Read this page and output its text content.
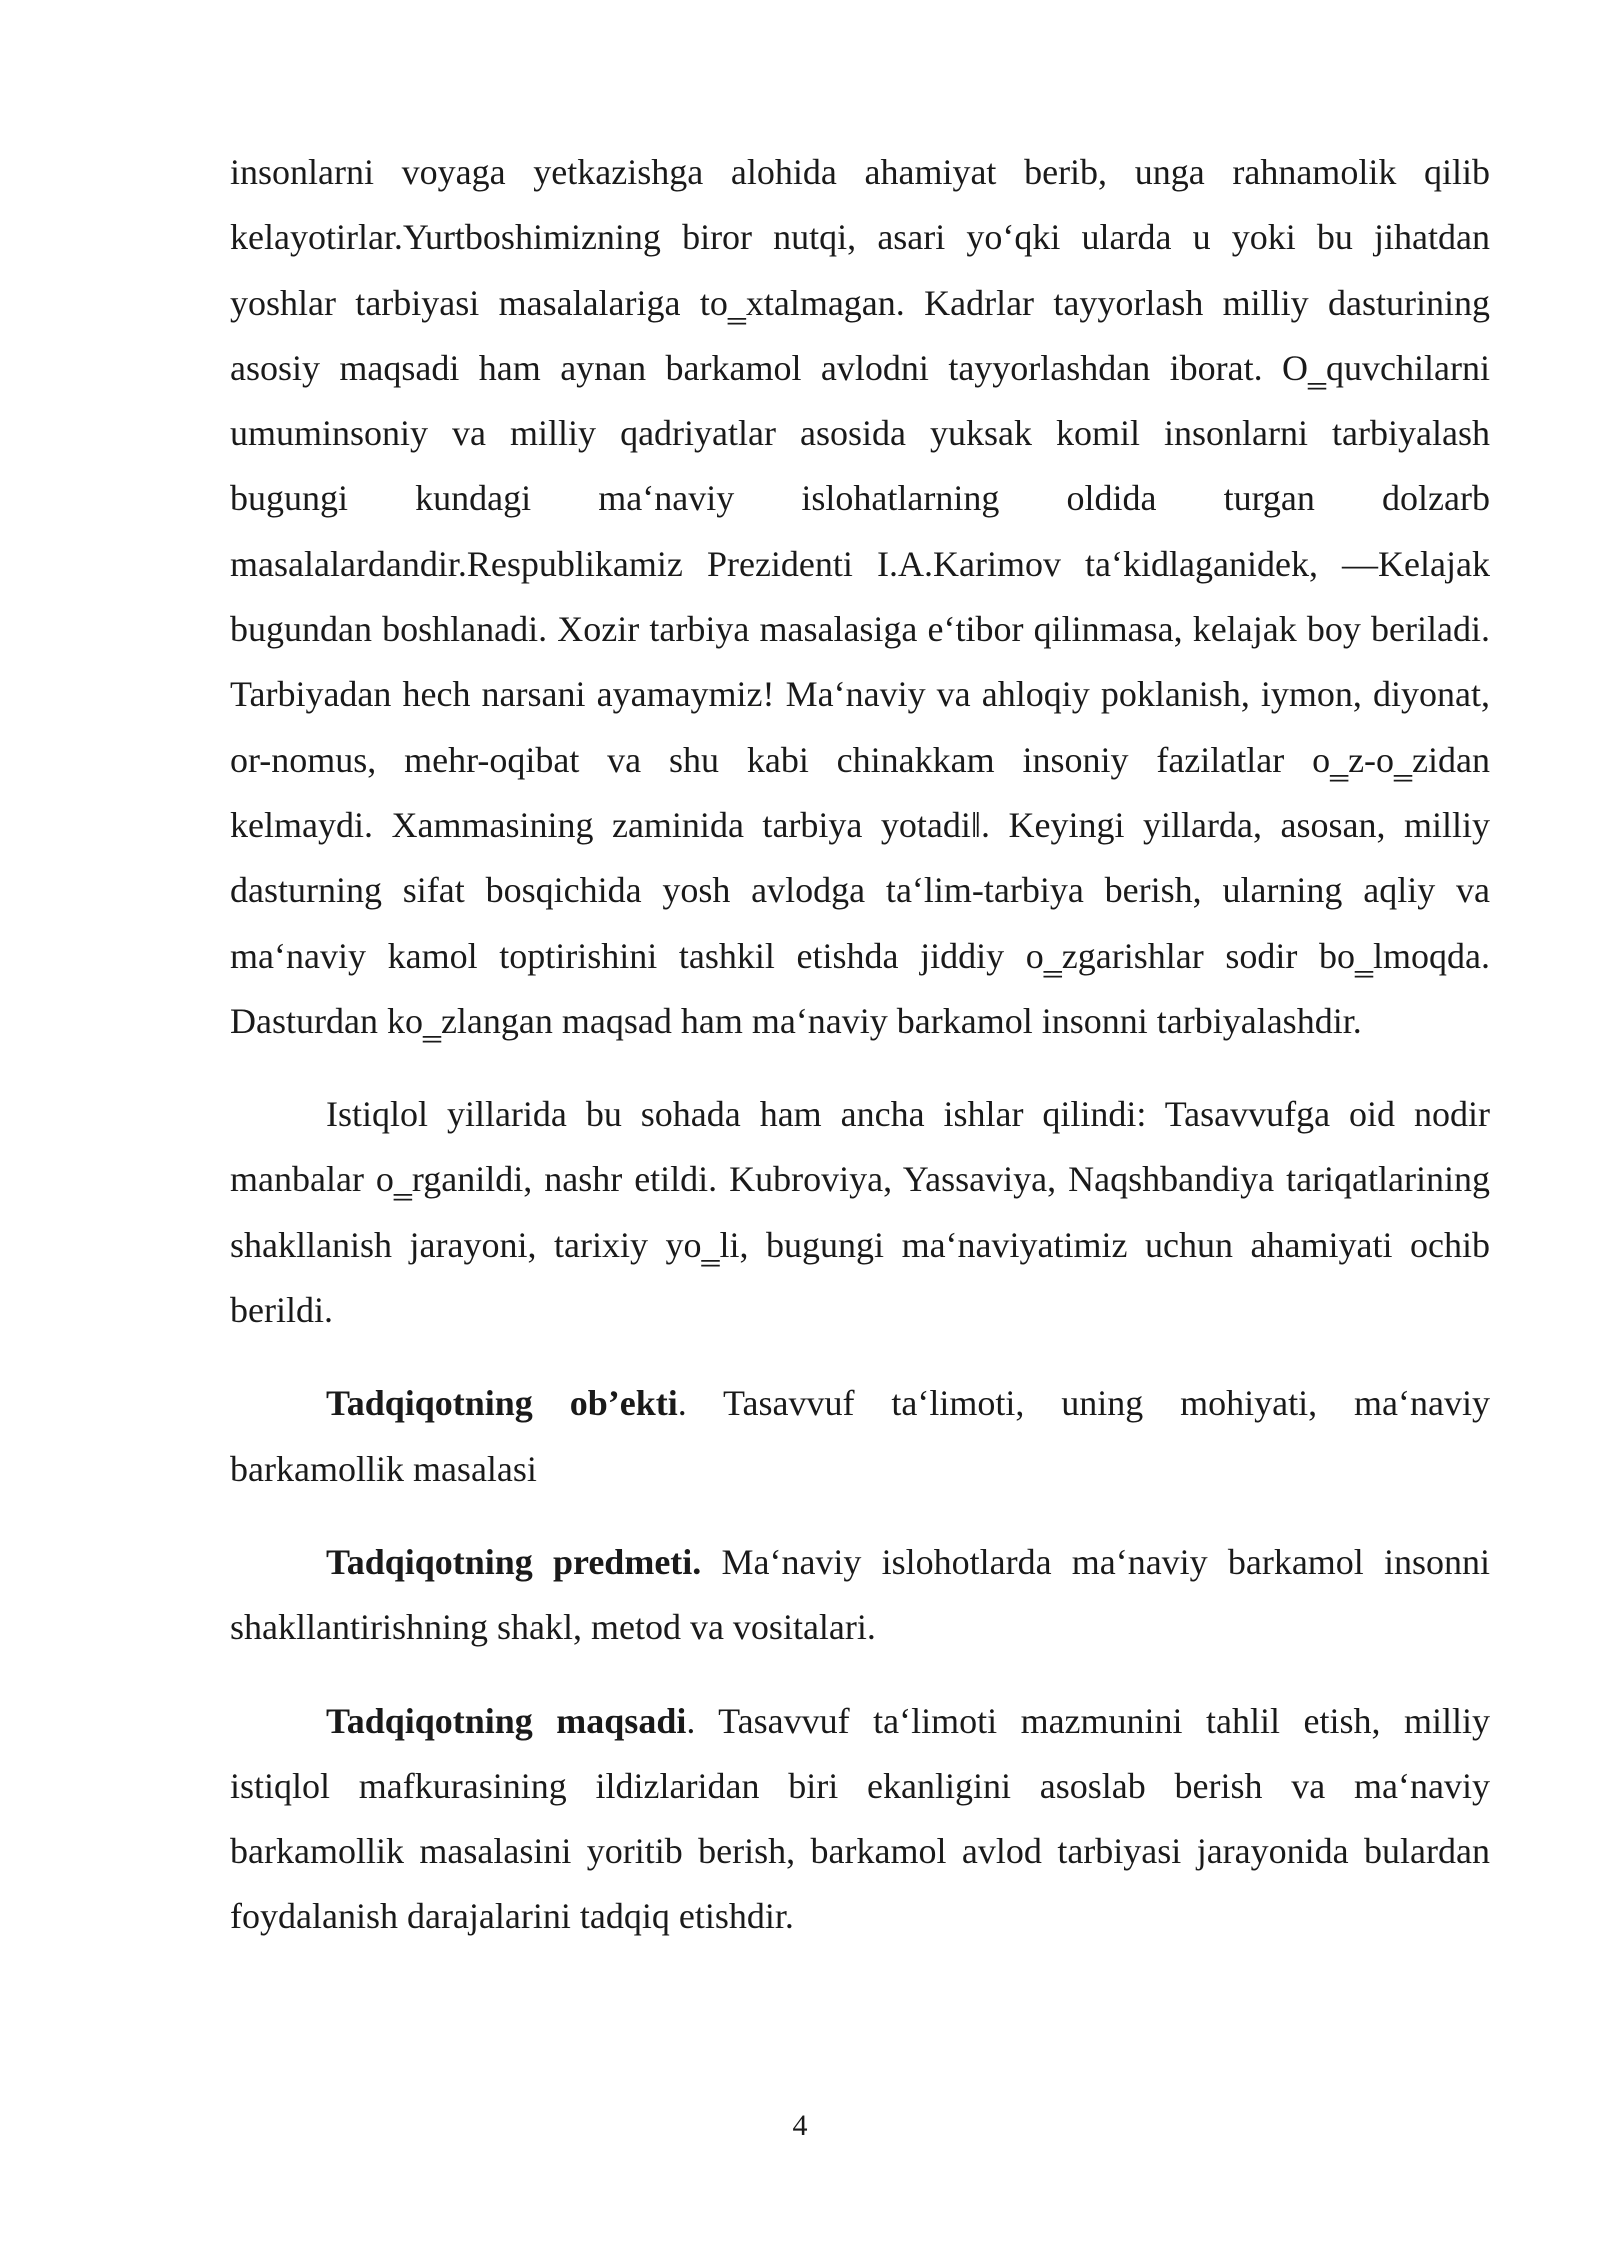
insonlarni voyaga yetkazishga alohida ahamiyat berib, unga rahnamolik qilib kelayotirlar.Yurtboshimizning biror nutqi, asari yo‘qki ularda u yoki bu jihatdan yoshlar tarbiyasi masalalariga to‗xtalmagan. Kadrlar tayyorlash milliy dasturining asosiy maqsadi ham aynan barkamol avlodni tayyorlashdan iborat. O‗quvchilarni umuminsoniy va milliy qadriyatlar asosida yuksak komil insonlarni tarbiyalash bugungi kundagi ma‘naviy islohatlarning oldida turgan dolzarb masalalardandir.Respublikamiz Prezidenti I.A.Karimov ta‘kidlaganidek, ―Kelajak bugundan boshlanadi. Xozir tarbiya masalasiga e‘tibor qilinmasa, kelajak boy beriladi. Tarbiyadan hech narsani ayamaymiz! Ma‘naviy va ahloqiy poklanish, iymon, diyonat, or-nomus, mehr-oqibat va shu kabi chinakkam insoniy fazilatlar o‗z-o‗zidan kelmaydi. Xammasining zaminida tarbiya yotadi‖. Keyingi yillarda, asosan, milliy dasturning sifat bosqichida yosh avlodga ta‘lim-tarbiya berish, ularning aqliy va ma‘naviy kamol toptirishini tashkil etishda jiddiy o‗zgarishlar sodir bo‗lmoqda. Dasturdan ko‗zlangan maqsad ham ma‘naviy barkamol insonni tarbiyalashdir.

Istiqlol yillarida bu sohada ham ancha ishlar qilindi: Tasavvufga oid nodir manbalar o‗rganildi, nashr etildi. Kubroviya, Yassaviya, Naqshbandiya tariqatlarining shakllanish jarayoni, tarixiy yo‗li, bugungi ma‘naviyatimiz uchun ahamiyati ochib berildi.

Tadqiqotning ob’ekti. Tasavvuf ta‘limoti, uning mohiyati, ma‘naviy barkamollik masalasi

Tadqiqotning predmeti. Ma‘naviy islohotlarda ma‘naviy barkamol insonni shakllantirishning shakl, metod va vositalari.

Tadqiqotning maqsadi. Tasavvuf ta‘limoti mazmunini tahlil etish, milliy istiqlol mafkurasining ildizlaridan biri ekanligini asoslab berish va ma‘naviy barkamollik masalasini yoritib berish, barkamol avlod tarbiyasi jarayonida bulardan foydalanish darajalarini tadqiq etishdir.

4
